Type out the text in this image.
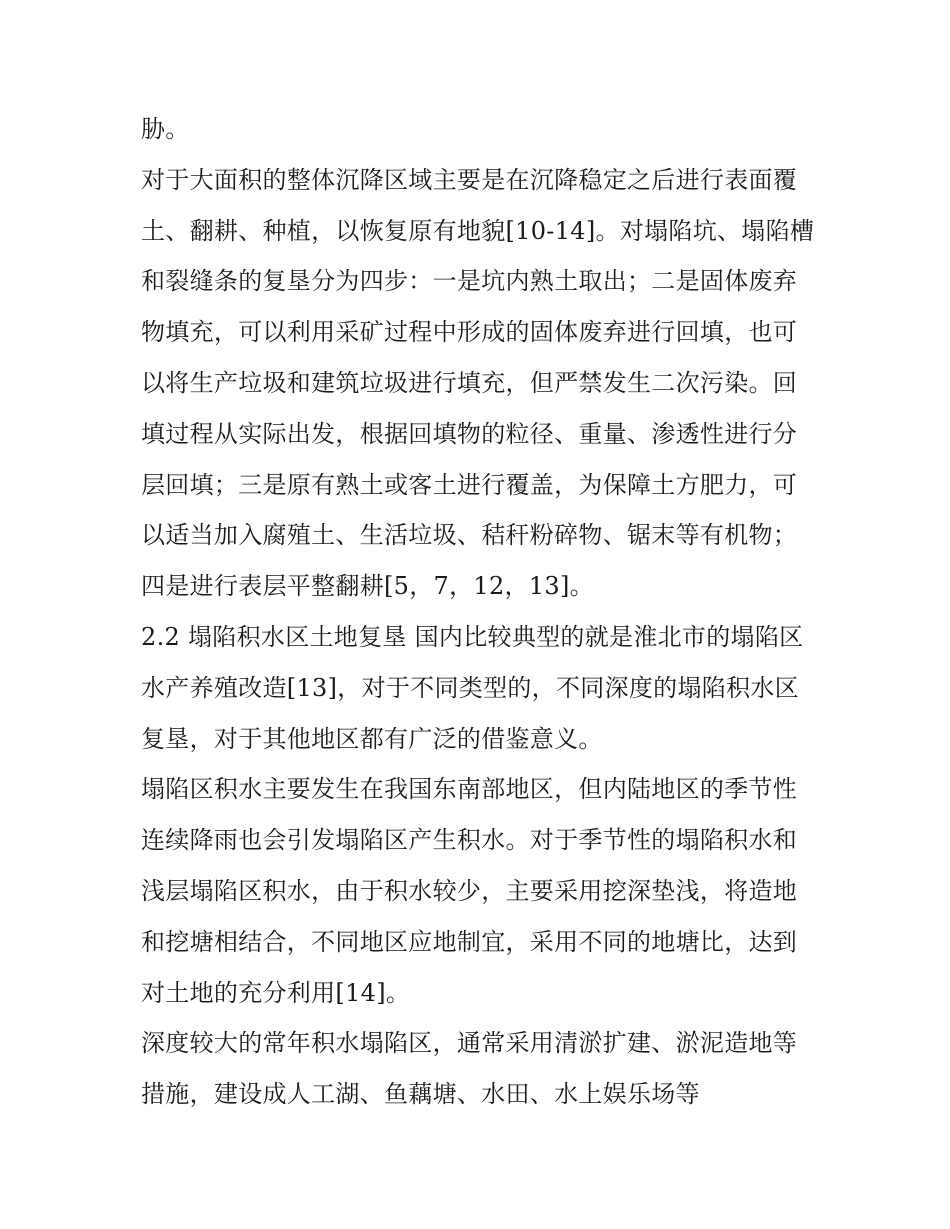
胁。
对于大面积的整体沉降区域主要是在沉降稳定之后进行表面覆
土、翻耕、种植，以恢复原有地貌[10-14]。对塌陷坑、塌陷槽
和裂缝条的复垦分为四步：一是坑内熟土取出；二是固体废弃
物填充，可以利用采矿过程中形成的固体废弃进行回填，也可
以将生产垃圾和建筑垃圾进行填充，但严禁发生二次污染。回
填过程从实际出发，根据回填物的粒径、重量、渗透性进行分
层回填；三是原有熟土或客土进行覆盖，为保障土方肥力，可
以适当加入腐殖土、生活垃圾、秸秆粉碎物、锯末等有机物；
四是进行表层平整翻耕[5，7，12，13]。
2.2 塌陷积水区土地复垦 国内比较典型的就是淮北市的塌陷区
水产养殖改造[13]，对于不同类型的，不同深度的塌陷积水区
复垦，对于其他地区都有广泛的借鉴意义。
塌陷区积水主要发生在我国东南部地区，但内陆地区的季节性
连续降雨也会引发塌陷区产生积水。对于季节性的塌陷积水和
浅层塌陷区积水，由于积水较少，主要采用挖深垫浅，将造地
和挖塘相结合，不同地区应地制宜，采用不同的地塘比，达到
对土地的充分利用[14]。
深度较大的常年积水塌陷区，通常采用清淤扩建、淤泥造地等
措施，建设成人工湖、鱼藕塘、水田、水上娱乐场等
